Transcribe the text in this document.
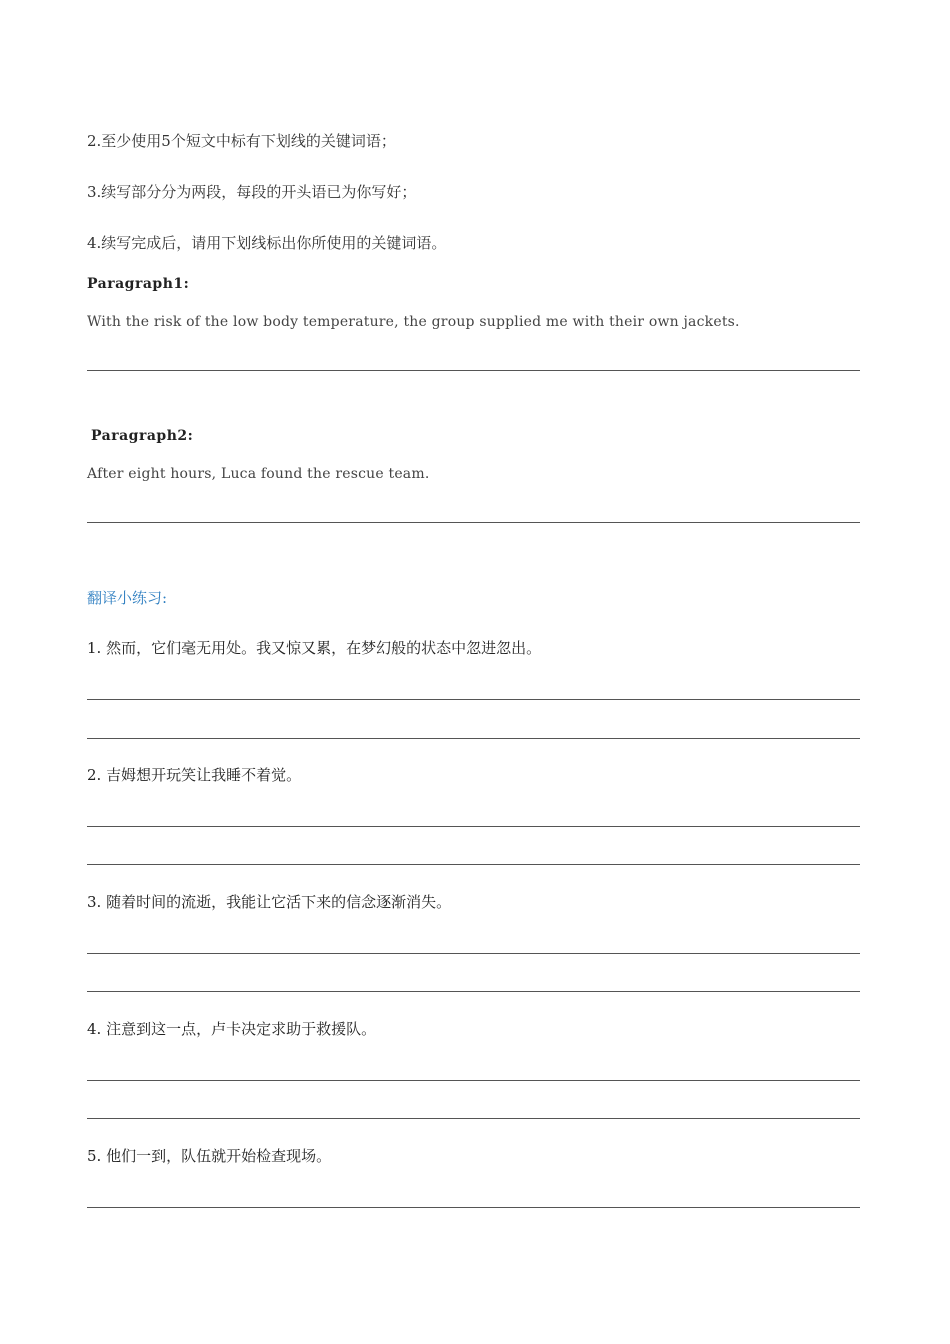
2.至少使用5个短文中标有下划线的关键词语；
3.续写部分分为两段，每段的开头语已为你写好；
4.续写完成后，请用下划线标出你所使用的关键词语。
Paragraph1:
With the risk of the low body temperature, the group supplied me with their own jackets.
Paragraph2:
After eight hours, Luca found the rescue team.
翻译小练习:
1. 然而，它们毫无用处。我又惊又累，在梦幻般的状态中忽进忽出。
2. 吉姆想开玩笑让我睡不着觉。
3. 随着时间的流逝，我能让它活下来的信念逐渐消失。
4. 注意到这一点，卢卡决定求助于救援队。
5. 他们一到，队伍就开始检查现场。
